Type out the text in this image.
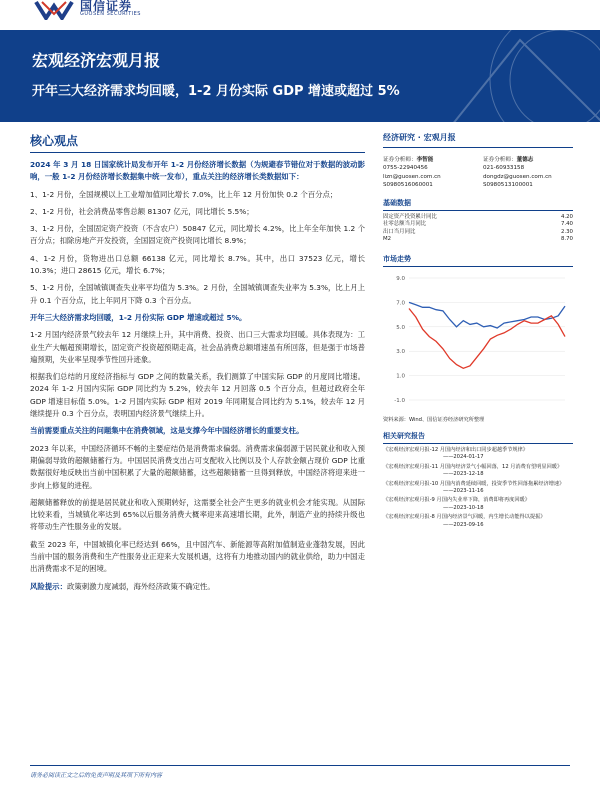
国信证券
GUOSEN SECURITIES
宏观经济宏观月报
开年三大经济需求均回暖，1-2 月份实际 GDP 增速或超过 5%
核心观点
2024 年 3 月 18 日国家统计局发布开年 1-2 月份经济增长数据（为规避春节错位对于数据的波动影响，一般 1-2 月份经济增长数据集中统一发布），重点关注的经济增长类数据如下：
1、1-2 月份，全国规模以上工业增加值同比增长 7.0%，比上年 12 月份加快 0.2 个百分点；
2、1-2 月份，社会消费品零售总额 81307 亿元，同比增长 5.5%；
3、1-2 月份，全国固定资产投资（不含农户）50847 亿元，同比增长 4.2%，比上年全年加快 1.2 个百分点；扣除房地产开发投资，全国固定资产投资同比增长 8.9%；
4、1-2 月份，货物进出口总额 66138 亿元，同比增长 8.7%。其中，出口 37523 亿元，增长 10.3%；进口 28615 亿元，增长 6.7%；
5、1-2 月份，全国城镇调查失业率平均值为 5.3%。2 月份，全国城镇调查失业率为 5.3%，比上月上升 0.1 个百分点，比上年同月下降 0.3 个百分点。
开年三大经济需求均回暖，1-2 月份实际 GDP 增速或超过 5%。
1-2 月国内经济景气较去年 12 月继续上升，其中消费、投资、出口三大需求均回暖。具体表现为：工业生产大幅超预期增长，固定资产投资超预期走高，社会品消费总额增速虽有所回落，但是强于市场普遍预期，失业率呈现季节性回升迹象。
根据我们总结的月度经济指标与 GDP 之间的数量关系，我们测算了中国实际 GDP 的月度同比增速。2024 年 1-2 月国内实际 GDP 同比约为 5.2%，较去年 12 月回落 0.5 个百分点，但超过政府全年 GDP 增速目标值 5.0%。1-2 月国内实际 GDP 相对 2019 年同期复合同比约为 5.1%，较去年 12 月继续提升 0.3 个百分点，表明国内经济景气继续上升。
当前需要重点关注的问题集中在消费领域，这是支撑今年中国经济增长的重要支柱。
2023 年以来，中国经济循环不畅的主要症结仍是消费需求偏弱。消费需求偏弱源于居民就业和收入预期偏弱导致的超额储蓄行为。中国居民消费支出占可支配收入比例以及个人存款金额占现价 GDP 比重数据很好地反映出当前中国积累了大量的超额储蓄，这些超额储蓄一旦得到释放，中国经济将迎来进一步向上修复的进程。
超额储蓄释放的前提是居民就业和收入预期转好，这需要全社会产生更多的就业机会才能实现。从国际比较来看，当城镇化率达到 65%以后服务消费大概率迎来高速增长期，此外，制造产业的持续升级也将带动生产性服务业的发展。
截至 2023 年，中国城镇化率已经达到 66%，且中国汽车、新能源等高附加值制造业蓬勃发展，因此当前中国的服务消费和生产性服务业正迎来大发展机遇，这将有力地推动国内的就业供给，助力中国走出消费需求不足的困境。
风险提示：政策刺激力度减弱，海外经济政策不确定性。
经济研究 · 宏观月报
证券分析师：李智能
0755-22940456
lizn@guosen.com.cn
S0980516060001
证券分析师：董德志
021-60933158
dongdz@guosen.com.cn
S0980513100001
基础数据
固定资产投资累计同比	4.20
社零总额当月同比	7.40
出口当月同比	2.30
M2	8.70
市场走势
9.0
7.0
5.0
3.0
1.0
-1.0
资料来源：Wind、国信证券经济研究所整理
相关研究报告
《宏观经济宏观月报-12 月国内经济和出口同步超越季节规律》
——2024-01-17
《宏观经济宏观月报-11 月国内经济景气小幅回落，12 月消费有望明显回暖》
——2023-12-18
《宏观经济宏观月报-10 月国内消费延续回暖，投资季节性回落拖累经济增速》
——2023-11-16
《宏观经济宏观月报-9 月国内失业率下降，消费即将再度回暖》
——2023-10-18
《宏观经济宏观月报-8 月国内经济景气回暖，内生增长动能得以提振》
——2023-09-16
请务必阅读正文之后的免责声明及其项下所有内容
